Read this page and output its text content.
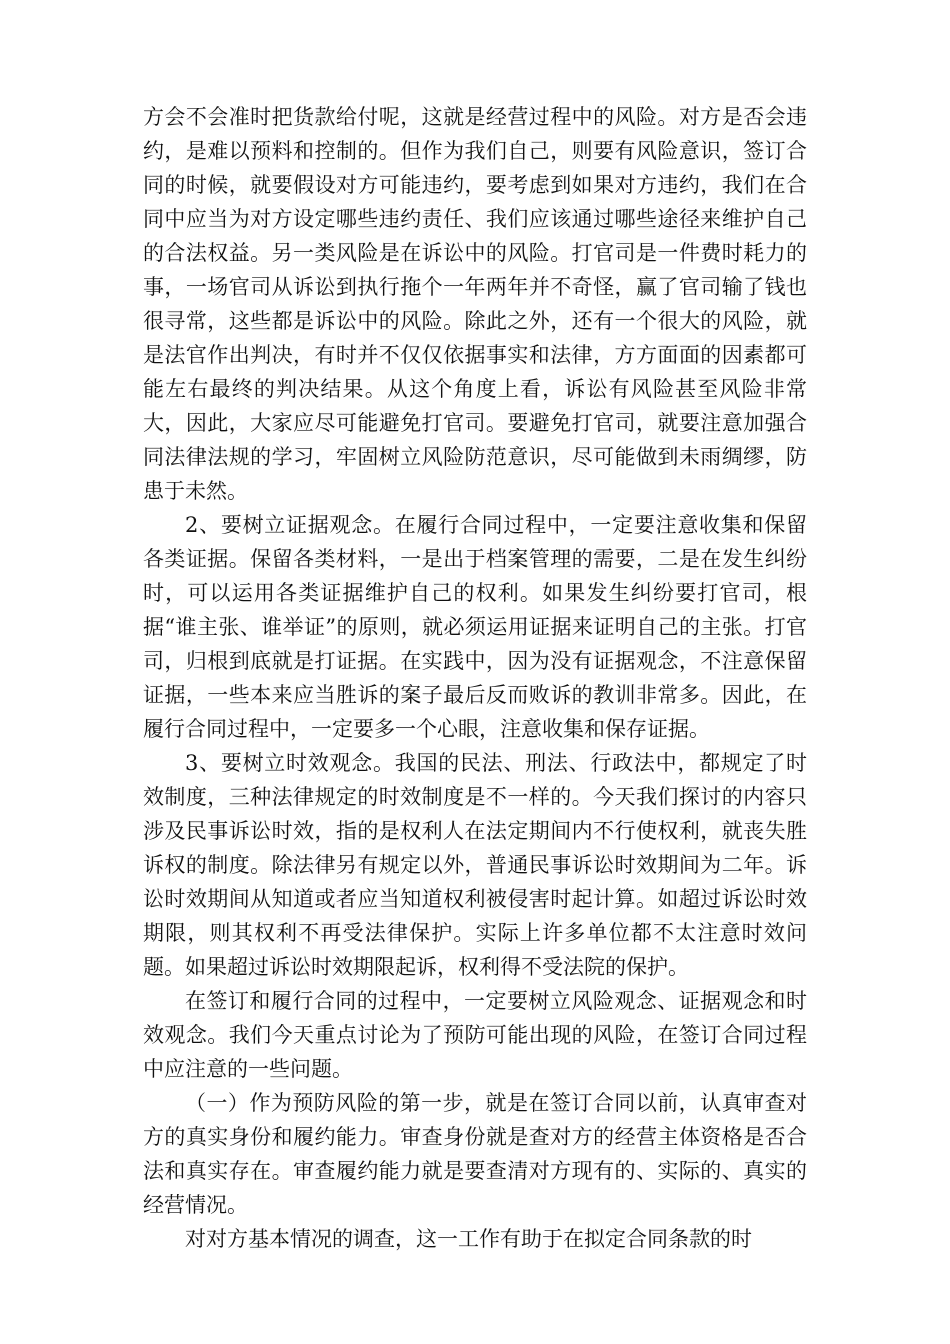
方会不会准时把货款给付呢，这就是经营过程中的风险。对方是否会违约，是难以预料和控制的。但作为我们自己，则要有风险意识，签订合同的时候，就要假设对方可能违约，要考虑到如果对方违约，我们在合同中应当为对方设定哪些违约责任、我们应该通过哪些途径来维护自己的合法权益。另一类风险是在诉讼中的风险。打官司是一件费时耗力的事，一场官司从诉讼到执行拖个一年两年并不奇怪，赢了官司输了钱也很寻常，这些都是诉讼中的风险。除此之外，还有一个很大的风险，就是法官作出判决，有时并不仅仅依据事实和法律，方方面面的因素都可能左右最终的判决结果。从这个角度上看，诉讼有风险甚至风险非常大，因此，大家应尽可能避免打官司。要避免打官司，就要注意加强合同法律法规的学习，牢固树立风险防范意识，尽可能做到未雨绸缪，防患于未然。

2、要树立证据观念。在履行合同过程中，一定要注意收集和保留各类证据。保留各类材料，一是出于档案管理的需要，二是在发生纠纷时，可以运用各类证据维护自己的权利。如果发生纠纷要打官司，根据“谁主张、谁举证”的原则，就必须运用证据来证明自己的主张。打官司，归根到底就是打证据。在实践中，因为没有证据观念，不注意保留证据，一些本来应当胜诉的案子最后反而败诉的教训非常多。因此，在履行合同过程中，一定要多一个心眼，注意收集和保存证据。

3、要树立时效观念。我国的民法、刑法、行政法中，都规定了时效制度，三种法律规定的时效制度是不一样的。今天我们探讨的内容只涉及民事诉讼时效，指的是权利人在法定期间内不行使权利，就丧失胜诉权的制度。除法律另有规定以外，普通民事诉讼时效期间为二年。诉讼时效期间从知道或者应当知道权利被侵害时起计算。如超过诉讼时效期限，则其权利不再受法律保护。实际上许多单位都不太注意时效问题。如果超过诉讼时效期限起诉，权利得不受法院的保护。

在签订和履行合同的过程中，一定要树立风险观念、证据观念和时效观念。我们今天重点讨论为了预防可能出现的风险，在签订合同过程中应注意的一些问题。

（一）作为预防风险的第一步，就是在签订合同以前，认真审查对方的真实身份和履约能力。审查身份就是查对方的经营主体资格是否合法和真实存在。审查履约能力就是要查清对方现有的、实际的、真实的经营情况。

对对方基本情况的调查，这一工作有助于在拟定合同条款的时
